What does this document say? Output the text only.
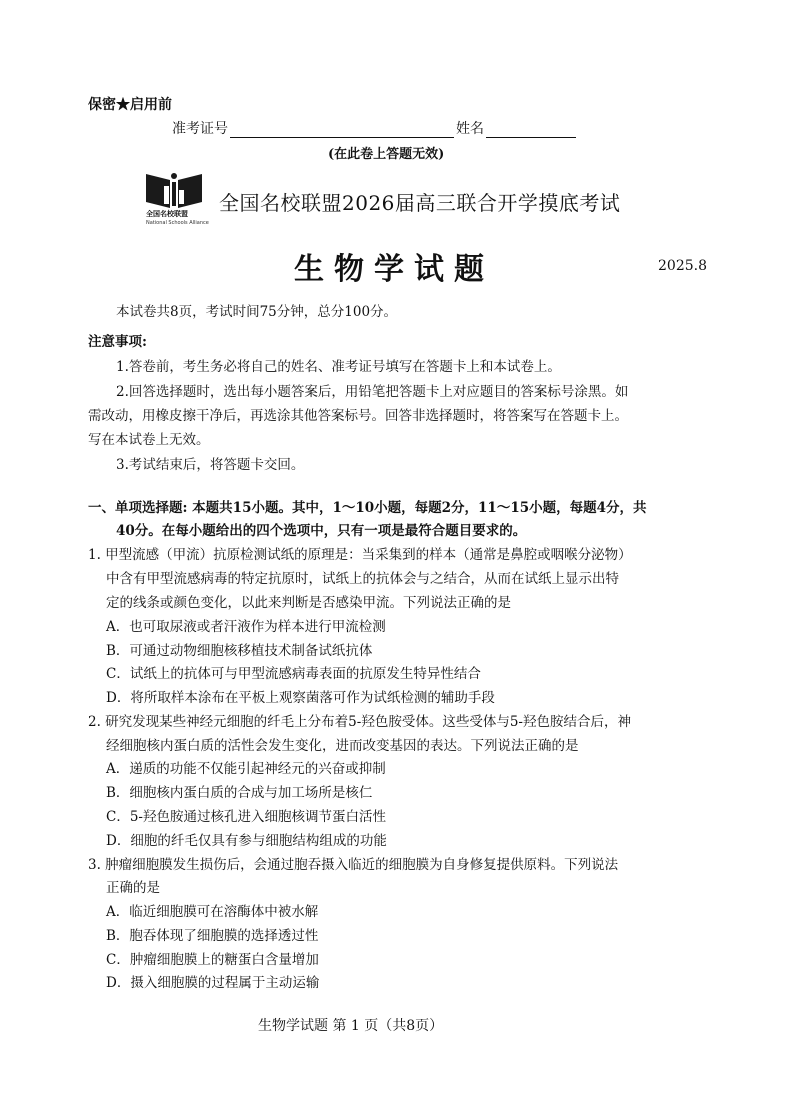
保密★启用前
准考证号	姓名
(在此卷上答题无效)
全国名校联盟
National Schools Alliance
全国名校联盟2026届高三联合开学摸底考试
生物学试题	2025.8
本试卷共8页，考试时间75分钟，总分100分。
注意事项:
1.答卷前，考生务必将自己的姓名、准考证号填写在答题卡上和本试卷上。
2.回答选择题时，选出每小题答案后，用铅笔把答题卡上对应题目的答案标号涂黑。如
需改动，用橡皮擦干净后，再选涂其他答案标号。回答非选择题时，将答案写在答题卡上。
写在本试卷上无效。
3.考试结束后，将答题卡交回。
一、单项选择题: 本题共15小题。其中，1～10小题，每题2分，11～15小题，每题4分，共
40分。在每小题给出的四个选项中，只有一项是最符合题目要求的。
1. 甲型流感（甲流）抗原检测试纸的原理是：当采集到的样本（通常是鼻腔或咽喉分泌物）
中含有甲型流感病毒的特定抗原时，试纸上的抗体会与之结合，从而在试纸上显示出特
定的线条或颜色变化，以此来判断是否感染甲流。下列说法正确的是
A．也可取尿液或者汗液作为样本进行甲流检测
B．可通过动物细胞核移植技术制备试纸抗体
C．试纸上的抗体可与甲型流感病毒表面的抗原发生特异性结合
D．将所取样本涂布在平板上观察菌落可作为试纸检测的辅助手段
2. 研究发现某些神经元细胞的纤毛上分布着5-羟色胺受体。这些受体与5-羟色胺结合后，神
经细胞核内蛋白质的活性会发生变化，进而改变基因的表达。下列说法正确的是
A．递质的功能不仅能引起神经元的兴奋或抑制
B．细胞核内蛋白质的合成与加工场所是核仁
C．5-羟色胺通过核孔进入细胞核调节蛋白活性
D．细胞的纤毛仅具有参与细胞结构组成的功能
3. 肿瘤细胞膜发生损伤后，会通过胞吞摄入临近的细胞膜为自身修复提供原料。下列说法
正确的是
A．临近细胞膜可在溶酶体中被水解
B．胞吞体现了细胞膜的选择透过性
C．肿瘤细胞膜上的糖蛋白含量增加
D．摄入细胞膜的过程属于主动运输
生物学试题 第 1 页（共8页）
